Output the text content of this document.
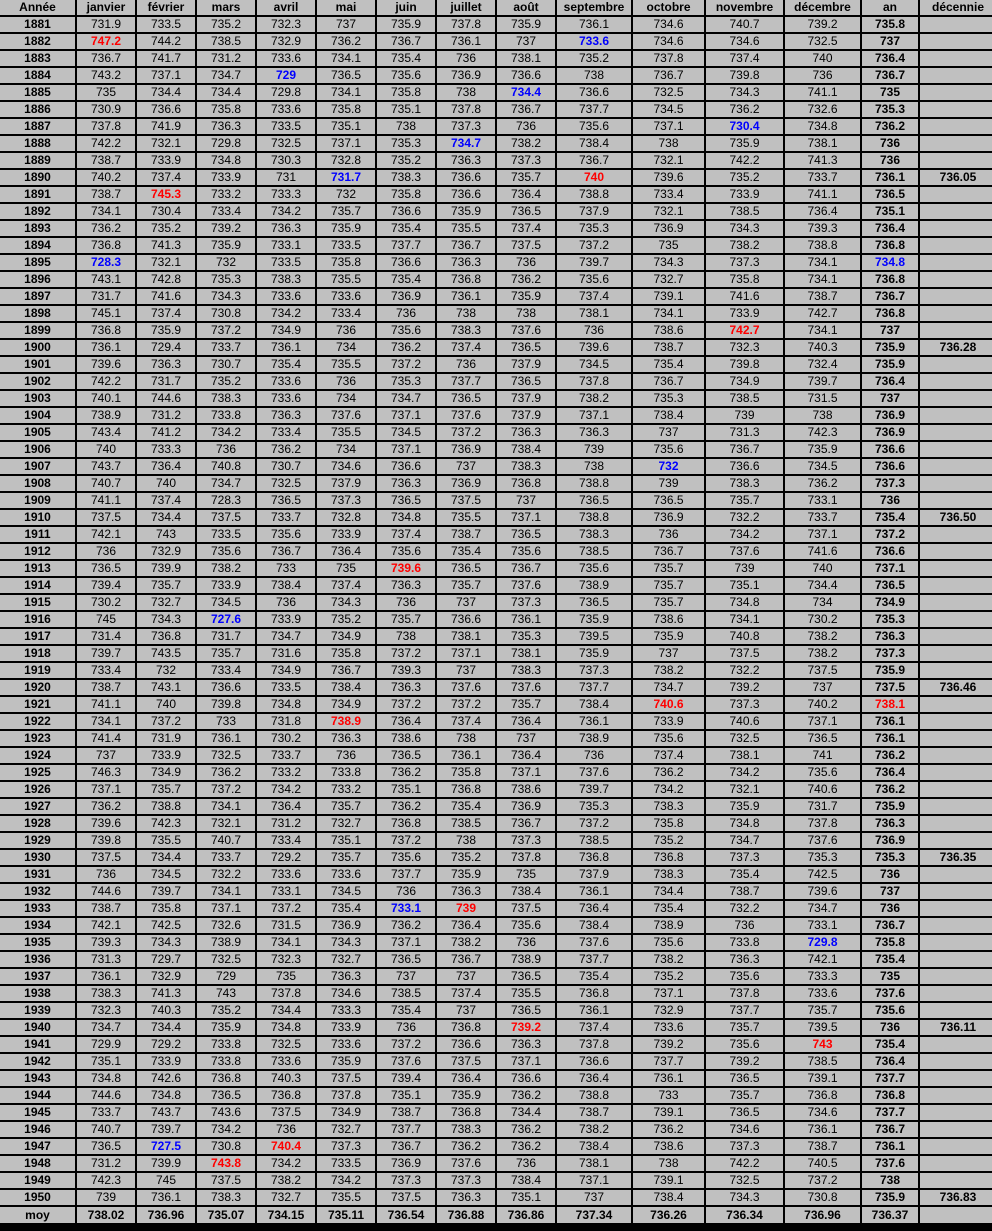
Année	janvier	février	mars	avril	mai	juin	juillet	août	septembre	octobre	novembre	décembre	an	décennie
1881	731.9	733.5	735.2	732.3	737	735.9	737.8	735.9	736.1	734.6	740.7	739.2	735.8	
1882	747.2	744.2	738.5	732.9	736.2	736.7	736.1	737	733.6	734.6	734.6	732.5	737	
1883	736.7	741.7	731.2	733.6	734.1	735.4	736	738.1	735.2	737.8	737.4	740	736.4	
1884	743.2	737.1	734.7	729	736.5	735.6	736.9	736.6	738	736.7	739.8	736	736.7	
1885	735	734.4	734.4	729.8	734.1	735.8	738	734.4	736.6	732.5	734.3	741.1	735	
1886	730.9	736.6	735.8	733.6	735.8	735.1	737.8	736.7	737.7	734.5	736.2	732.6	735.3	
1887	737.8	741.9	736.3	733.5	735.1	738	737.3	736	735.6	737.1	730.4	734.8	736.2	
1888	742.2	732.1	729.8	732.5	737.1	735.3	734.7	738.2	738.4	738	735.9	738.1	736	
1889	738.7	733.9	734.8	730.3	732.8	735.2	736.3	737.3	736.7	732.1	742.2	741.3	736	
1890	740.2	737.4	733.9	731	731.7	738.3	736.6	735.7	740	739.6	735.2	733.7	736.1	736.05
1891	738.7	745.3	733.2	733.3	732	735.8	736.6	736.4	738.8	733.4	733.9	741.1	736.5	
1892	734.1	730.4	733.4	734.2	735.7	736.6	735.9	736.5	737.9	732.1	738.5	736.4	735.1	
1893	736.2	735.2	739.2	736.3	735.9	735.4	735.5	737.4	735.3	736.9	734.3	739.3	736.4	
1894	736.8	741.3	735.9	733.1	733.5	737.7	736.7	737.5	737.2	735	738.2	738.8	736.8	
1895	728.3	732.1	732	733.5	735.8	736.6	736.3	736	739.7	734.3	737.3	734.1	734.8	
1896	743.1	742.8	735.3	738.3	735.5	735.4	736.8	736.2	735.6	732.7	735.8	734.1	736.8	
1897	731.7	741.6	734.3	733.6	733.6	736.9	736.1	735.9	737.4	739.1	741.6	738.7	736.7	
1898	745.1	737.4	730.8	734.2	733.4	736	738	738	738.1	734.1	733.9	742.7	736.8	
1899	736.8	735.9	737.2	734.9	736	735.6	738.3	737.6	736	738.6	742.7	734.1	737	
1900	736.1	729.4	733.7	736.1	734	736.2	737.4	736.5	739.6	738.7	732.3	740.3	735.9	736.28
1901	739.6	736.3	730.7	735.4	735.5	737.2	736	737.9	734.5	735.4	739.8	732.4	735.9	
1902	742.2	731.7	735.2	733.6	736	735.3	737.7	736.5	737.8	736.7	734.9	739.7	736.4	
1903	740.1	744.6	738.3	733.6	734	734.7	736.5	737.9	738.2	735.3	738.5	731.5	737	
1904	738.9	731.2	733.8	736.3	737.6	737.1	737.6	737.9	737.1	738.4	739	738	736.9	
1905	743.4	741.2	734.2	733.4	735.5	734.5	737.2	736.3	736.3	737	731.3	742.3	736.9	
1906	740	733.3	736	736.2	734	737.1	736.9	738.4	739	735.6	736.7	735.9	736.6	
1907	743.7	736.4	740.8	730.7	734.6	736.6	737	738.3	738	732	736.6	734.5	736.6	
1908	740.7	740	734.7	732.5	737.9	736.3	736.9	736.8	738.8	739	738.3	736.2	737.3	
1909	741.1	737.4	728.3	736.5	737.3	736.5	737.5	737	736.5	736.5	735.7	733.1	736	
1910	737.5	734.4	737.5	733.7	732.8	734.8	735.5	737.1	738.8	736.9	732.2	733.7	735.4	736.50
1911	742.1	743	733.5	735.6	733.9	737.4	738.7	736.5	738.3	736	734.2	737.1	737.2	
1912	736	732.9	735.6	736.7	736.4	735.6	735.4	735.6	738.5	736.7	737.6	741.6	736.6	
1913	736.5	739.9	738.2	733	735	739.6	736.5	736.7	735.6	735.7	739	740	737.1	
1914	739.4	735.7	733.9	738.4	737.4	736.3	735.7	737.6	738.9	735.7	735.1	734.4	736.5	
1915	730.2	732.7	734.5	736	734.3	736	737	737.3	736.5	735.7	734.8	734	734.9	
1916	745	734.3	727.6	733.9	735.2	735.7	736.6	736.1	735.9	738.6	734.1	730.2	735.3	
1917	731.4	736.8	731.7	734.7	734.9	738	738.1	735.3	739.5	735.9	740.8	738.2	736.3	
1918	739.7	743.5	735.7	731.6	735.8	737.2	737.1	738.1	735.9	737	737.5	738.2	737.3	
1919	733.4	732	733.4	734.9	736.7	739.3	737	738.3	737.3	738.2	732.2	737.5	735.9	
1920	738.7	743.1	736.6	733.5	738.4	736.3	737.6	737.6	737.7	734.7	739.2	737	737.5	736.46
1921	741.1	740	739.8	734.8	734.9	737.2	737.2	735.7	738.4	740.6	737.3	740.2	738.1	
1922	734.1	737.2	733	731.8	738.9	736.4	737.4	736.4	736.1	733.9	740.6	737.1	736.1	
1923	741.4	731.9	736.1	730.2	736.3	738.6	738	737	738.9	735.6	732.5	736.5	736.1	
1924	737	733.9	732.5	733.7	736	736.5	736.1	736.4	736	737.4	738.1	741	736.2	
1925	746.3	734.9	736.2	733.2	733.8	736.2	735.8	737.1	737.6	736.2	734.2	735.6	736.4	
1926	737.1	735.7	737.2	734.2	733.2	735.1	736.8	738.6	739.7	734.2	732.1	740.6	736.2	
1927	736.2	738.8	734.1	736.4	735.7	736.2	735.4	736.9	735.3	738.3	735.9	731.7	735.9	
1928	739.6	742.3	732.1	731.2	732.7	736.8	738.5	736.7	737.2	735.8	734.8	737.8	736.3	
1929	739.8	735.5	740.7	733.4	735.1	737.2	738	737.3	738.5	735.2	734.7	737.6	736.9	
1930	737.5	734.4	733.7	729.2	735.7	735.6	735.2	737.8	736.8	736.8	737.3	735.3	735.3	736.35
1931	736	734.5	732.2	733.6	733.6	737.7	735.9	735	737.9	738.3	735.4	742.5	736	
1932	744.6	739.7	734.1	733.1	734.5	736	736.3	738.4	736.1	734.4	738.7	739.6	737	
1933	738.7	735.8	737.1	737.2	735.4	733.1	739	737.5	736.4	735.4	732.2	734.7	736	
1934	742.1	742.5	732.6	731.5	736.9	736.2	736.4	735.6	738.4	738.9	736	733.1	736.7	
1935	739.3	734.3	738.9	734.1	734.3	737.1	738.2	736	737.6	735.6	733.8	729.8	735.8	
1936	731.3	729.7	732.5	732.3	732.7	736.5	736.7	738.9	737.7	738.2	736.3	742.1	735.4	
1937	736.1	732.9	729	735	736.3	737	737	736.5	735.4	735.2	735.6	733.3	735	
1938	738.3	741.3	743	737.8	734.6	738.5	737.4	735.5	736.8	737.1	737.8	733.6	737.6	
1939	732.3	740.3	735.2	734.4	733.3	735.4	737	736.5	736.1	732.9	737.7	735.7	735.6	
1940	734.7	734.4	735.9	734.8	733.9	736	736.8	739.2	737.4	733.6	735.7	739.5	736	736.11
1941	729.9	729.2	733.8	732.5	733.6	737.2	736.6	736.3	737.8	739.2	735.6	743	735.4	
1942	735.1	733.9	733.8	733.6	735.9	737.6	737.5	737.1	736.6	737.7	739.2	738.5	736.4	
1943	734.8	742.6	736.8	740.3	737.5	739.4	736.4	736.6	736.4	736.1	736.5	739.1	737.7	
1944	744.6	734.8	736.5	736.8	737.8	735.1	735.9	736.2	738.8	733	735.7	736.8	736.8	
1945	733.7	743.7	743.6	737.5	734.9	738.7	736.8	734.4	738.7	739.1	736.5	734.6	737.7	
1946	740.7	739.7	734.2	736	732.7	737.7	738.3	736.2	738.2	736.2	734.6	736.1	736.7	
1947	736.5	727.5	730.8	740.4	737.3	736.7	736.2	736.2	738.4	738.6	737.3	738.7	736.1	
1948	731.2	739.9	743.8	734.2	733.5	736.9	737.6	736	738.1	738	742.2	740.5	737.6	
1949	742.3	745	737.5	738.2	734.2	737.3	737.3	738.4	737.1	739.1	732.5	737.2	738	
1950	739	736.1	738.3	732.7	735.5	737.5	736.3	735.1	737	738.4	734.3	730.8	735.9	736.83
moy	738.02	736.96	735.07	734.15	735.11	736.54	736.88	736.86	737.34	736.26	736.34	736.96	736.37	
